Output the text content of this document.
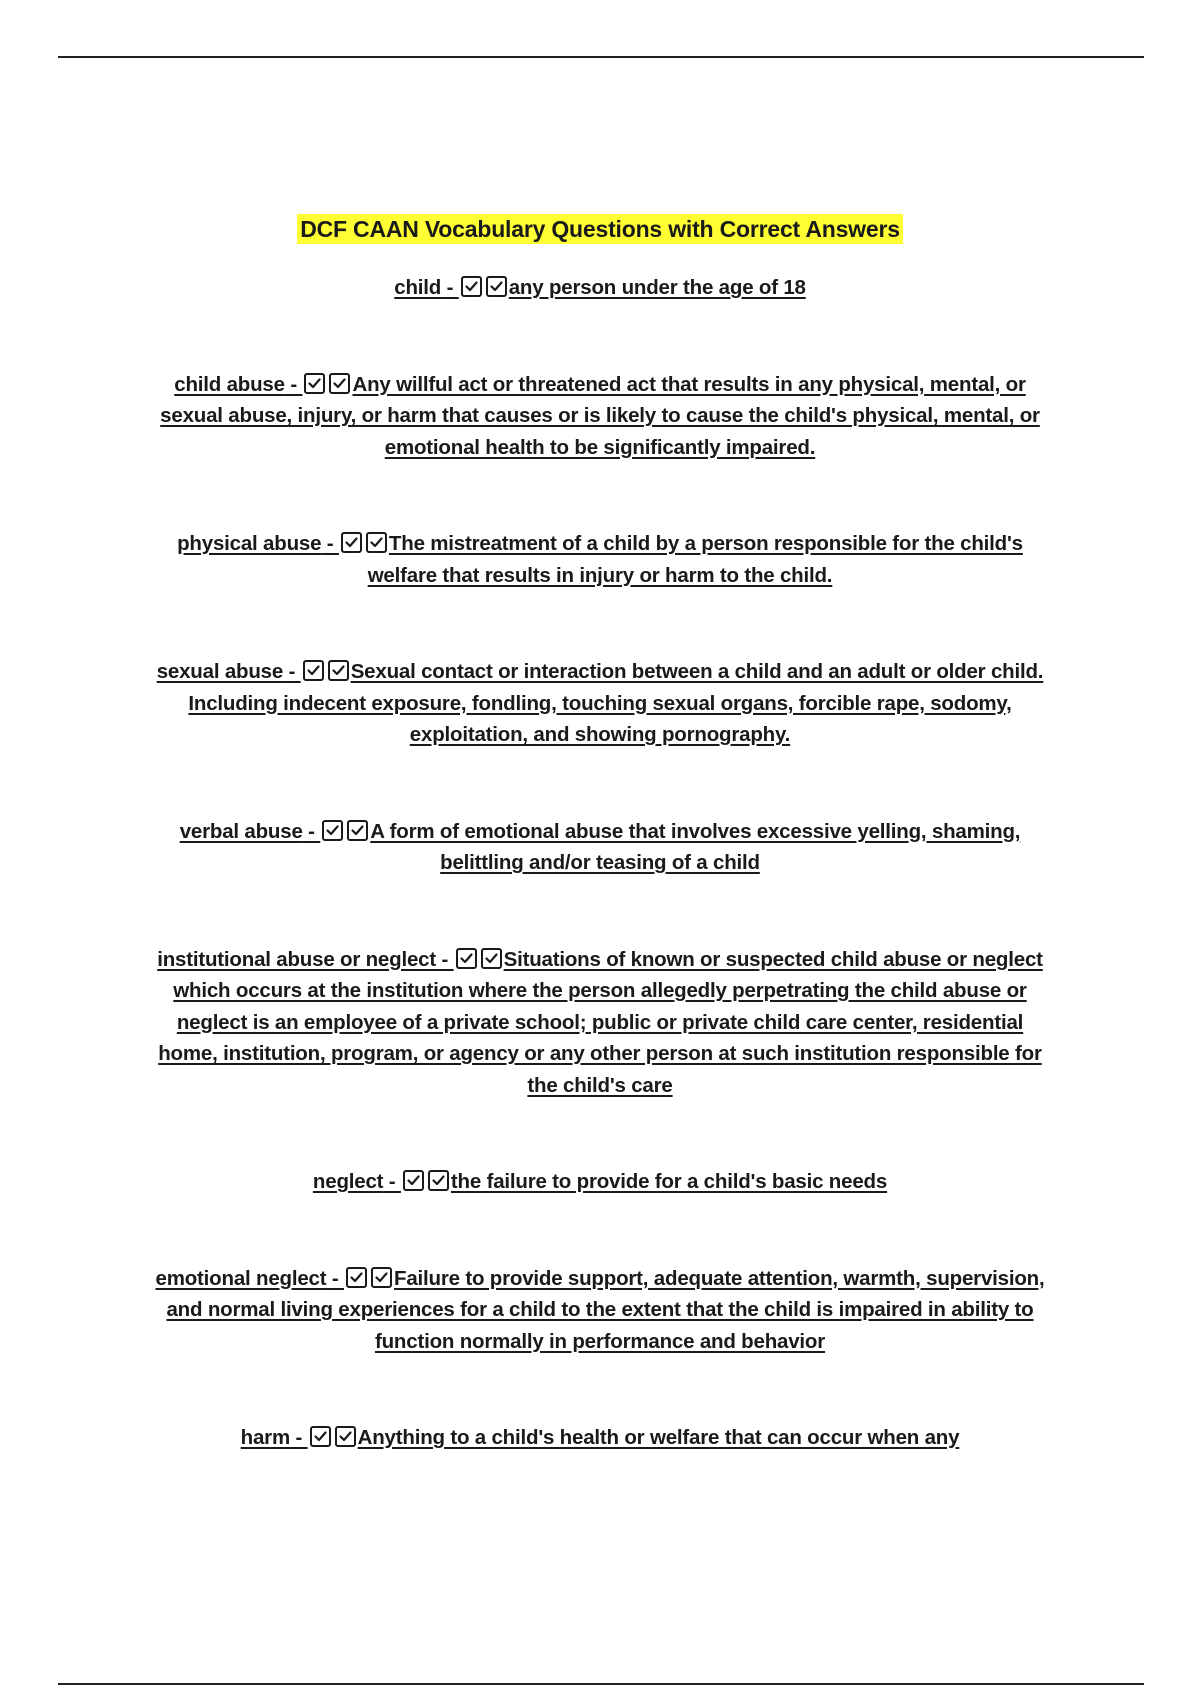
DCF CAAN Vocabulary Questions with Correct Answers

child -
any person under the age of 18

child abuse -
Any willful act or threatened act that results in any physical, mental, or sexual abuse, injury, or harm that causes or is likely to cause the child's physical, mental, or emotional health to be significantly impaired.

physical abuse -
The mistreatment of a child by a person responsible for the child's welfare that results in injury or harm to the child.

sexual abuse -
Sexual contact or interaction between a child and an adult or older child. Including indecent exposure, fondling, touching sexual organs, forcible rape, sodomy, exploitation, and showing pornography.

verbal abuse -
A form of emotional abuse that involves excessive yelling, shaming, belittling and/or teasing of a child

institutional abuse or neglect -
Situations of known or suspected child abuse or neglect which occurs at the institution where the person allegedly perpetrating the child abuse or neglect is an employee of a private school; public or private child care center, residential home, institution, program, or agency or any other person at such institution responsible for the child's care

neglect -
the failure to provide for a child's basic needs

emotional neglect -
Failure to provide support, adequate attention, warmth, supervision, and normal living experiences for a child to the extent that the child is impaired in ability to function normally in performance and behavior

harm -
Anything to a child's health or welfare that can occur when any
